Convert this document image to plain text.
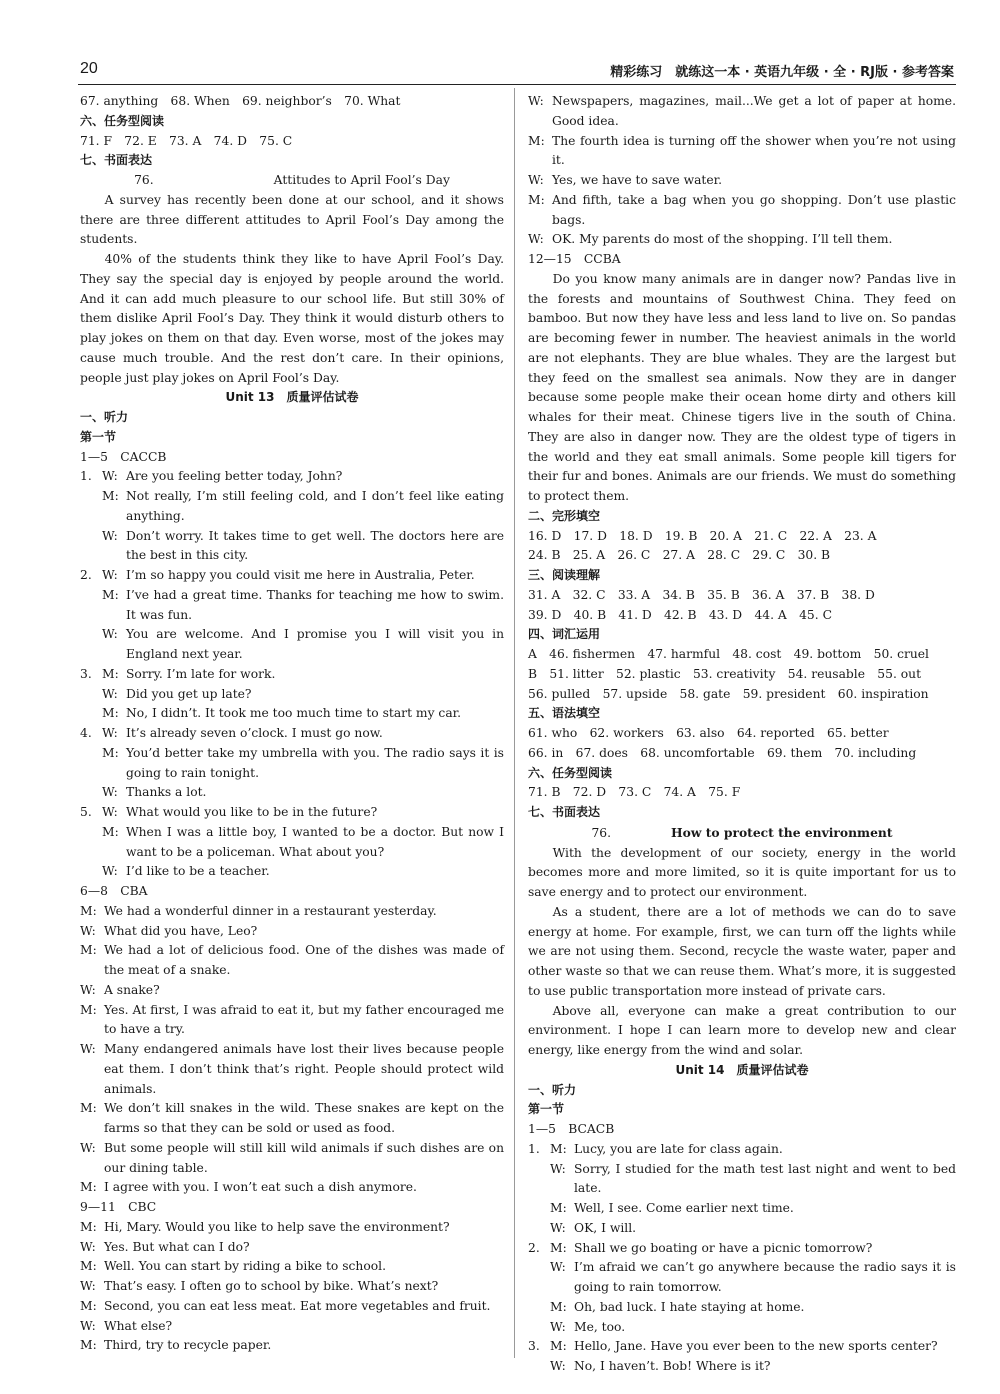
20	精彩练习　就练这一本 · 英语九年级 · 全 · RJ版 · 参考答案

67. anything　68. When　69. neighbor’s　70. What

六、任务型阅读

71. F　72. E　73. A　74. D　75. C

七、书面表达

76.	Attitudes to April Fool’s Day

A survey has recently been done at our school, and it shows there are three different attitudes to April Fool’s Day among the students.

40% of the students think they like to have April Fool’s Day. They say the special day is enjoyed by people around the world. And it can add much pleasure to our school life. But still 30% of them dislike April Fool’s Day. They think it would disturb others to play jokes on them on that day. Even worse, most of the jokes may cause much trouble. And the rest don’t care. In their opinions, people just play jokes on April Fool’s Day.

Unit 13　质量评估试卷

一、听力

第一节

1—5　CACCB

1. W: Are you feeling better today, John?
M: Not really, I’m still feeling cold, and I don’t feel like eating anything.
W: Don’t worry. It takes time to get well. The doctors here are the best in this city.
2. W: I’m so happy you could visit me here in Australia, Peter.
M: I’ve had a great time. Thanks for teaching me how to swim. It was fun.
W: You are welcome. And I promise you I will visit you in England next year.
3. M: Sorry. I’m late for work.
W: Did you get up late?
M: No, I didn’t. It took me too much time to start my car.
4. W: It’s already seven o’clock. I must go now.
M: You’d better take my umbrella with you. The radio says it is going to rain tonight.
W: Thanks a lot.
5. W: What would you like to be in the future?
M: When I was a little boy, I wanted to be a doctor. But now I want to be a policeman. What about you?
W: I’d like to be a teacher.

6—8　CBA

M: We had a wonderful dinner in a restaurant yesterday.
W: What did you have, Leo?
M: We had a lot of delicious food. One of the dishes was made of the meat of a snake.
W: A snake?
M: Yes. At first, I was afraid to eat it, but my father encouraged me to have a try.
W: Many endangered animals have lost their lives because people eat them. I don’t think that’s right. People should protect wild animals.
M: We don’t kill snakes in the wild. These snakes are kept on the farms so that they can be sold or used as food.
W: But some people will still kill wild animals if such dishes are on our dining table.
M: I agree with you. I won’t eat such a dish anymore.

9—11　CBC

M: Hi, Mary. Would you like to help save the environment?
W: Yes. But what can I do?
M: Well. You can start by riding a bike to school.
W: That’s easy. I often go to school by bike. What’s next?
M: Second, you can eat less meat. Eat more vegetables and fruit.
W: What else?
M: Third, try to recycle paper.
W: Newspapers, magazines, mail...We get a lot of paper at home. Good idea.
M: The fourth idea is turning off the shower when you’re not using it.
W: Yes, we have to save water.
M: And fifth, take a bag when you go shopping. Don’t use plastic bags.
W: OK. My parents do most of the shopping. I’ll tell them.

12—15　CCBA

Do you know many animals are in danger now? Pandas live in the forests and mountains of Southwest China. They feed on bamboo. But now they have less and less land to live on. So pandas are becoming fewer in number. The heaviest animals in the world are not elephants. They are blue whales. They are the largest but they feed on the smallest sea animals. Now they are in danger because some people make their ocean home dirty and others kill whales for their meat. Chinese tigers live in the south of China. They are also in danger now. They are the oldest type of tigers in the world and they eat small animals. Some people kill tigers for their fur and bones. Animals are our friends. We must do something to protect them.

二、完形填空

16. D　17. D　18. D　19. B　20. A　21. C　22. A　23. A

24. B　25. A　26. C　27. A　28. C　29. C　30. B

三、阅读理解

31. A　32. C　33. A　34. B　35. B　36. A　37. B　38. D

39. D　40. B　41. D　42. B　43. D　44. A　45. C

四、词汇运用

A　46. fishermen　47. harmful　48. cost　49. bottom　50. cruel

B　51. litter　52. plastic　53. creativity　54. reusable　55. out

56. pulled　57. upside　58. gate　59. president　60. inspiration

五、语法填空

61. who　62. workers　63. also　64. reported　65. better

66. in　67. does　68. uncomfortable　69. them　70. including

六、任务型阅读

71. B　72. D　73. C　74. A　75. F

七、书面表达

76.	How to protect the environment

With the development of our society, energy in the world becomes more and more limited, so it is quite important for us to save energy and to protect our environment.

As a student, there are a lot of methods we can do to save energy at home. For example, first, we can turn off the lights while we are not using them. Second, recycle the waste water, paper and other waste so that we can reuse them. What’s more, it is suggested to use public transportation more instead of private cars.

Above all, everyone can make a great contribution to our environment. I hope I can learn more to develop new and clear energy, like energy from the wind and solar.

Unit 14　质量评估试卷

一、听力

第一节

1—5　BCACB

1. M: Lucy, you are late for class again.
W: Sorry, I studied for the math test last night and went to bed late.
M: Well, I see. Come earlier next time.
W: OK, I will.
2. M: Shall we go boating or have a picnic tomorrow?
W: I’m afraid we can’t go anywhere because the radio says it is going to rain tomorrow.
M: Oh, bad luck. I hate staying at home.
W: Me, too.
3. M: Hello, Jane. Have you ever been to the new sports center?
W: No, I haven’t. Bob! Where is it?
